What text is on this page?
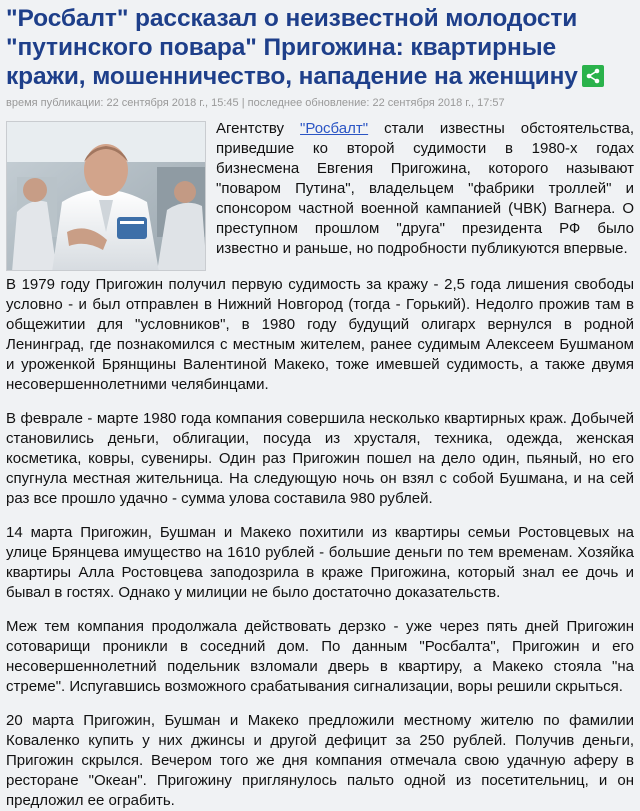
"Росбалт" рассказал о неизвестной молодости "путинского повара" Пригожина: квартирные кражи, мошенничество, нападение на женщину
время публикации: 22 сентября 2018 г., 15:45 | последнее обновление: 22 сентября 2018 г., 17:57

Агентству "Росбалт" стали известны обстоятельства, приведшие ко второй судимости в 1980-х годах бизнесмена Евгения Пригожина, которого называют "поваром Путина", владельцем "фабрики троллей" и спонсором частной военной кампанией (ЧВК) Вагнера. О преступном прошлом "друга" президента РФ было известно и раньше, но подробности публикуются впервые.

В 1979 году Пригожин получил первую судимость за кражу - 2,5 года лишения свободы условно - и был отправлен в Нижний Новгород (тогда - Горький). Недолго прожив там в общежитии для "условников", в 1980 году будущий олигарх вернулся в родной Ленинград, где познакомился с местным жителем, ранее судимым Алексеем Бушманом и уроженкой Брянщины Валентиной Макеко, тоже имевшей судимость, а также двумя несовершеннолетними челябинцами.

В феврале - марте 1980 года компания совершила несколько квартирных краж. Добычей становились деньги, облигации, посуда из хрусталя, техника, одежда, женская косметика, ковры, сувениры. Один раз Пригожин пошел на дело один, пьяный, но его спугнула местная жительница. На следующую ночь он взял с собой Бушмана, и на сей раз все прошло удачно - сумма улова составила 980 рублей.

14 марта Пригожин, Бушман и Макеко похитили из квартиры семьи Ростовцевых на улице Брянцева имущество на 1610 рублей - большие деньги по тем временам. Хозяйка квартиры Алла Ростовцева заподозрила в краже Пригожина, который знал ее дочь и бывал в гостях. Однако у милиции не было достаточно доказательств.

Меж тем компания продолжала действовать дерзко - уже через пять дней Пригожин сотоварищи проникли в соседний дом. По данным "Росбалта", Пригожин и его несовершеннолетний подельник взломали дверь в квартиру, а Макеко стояла "на стреме". Испугавшись возможного срабатывания сигнализации, воры решили скрыться.

20 марта Пригожин, Бушман и Макеко предложили местному жителю по фамилии Коваленко купить у них джинсы и другой дефицит за 250 рублей. Получив деньги, Пригожин скрылся. Вечером того же дня компания отмечала свою удачную аферу в ресторане "Океан". Пригожину приглянулось пальто одной из посетительниц, и он предложил ее ограбить.
